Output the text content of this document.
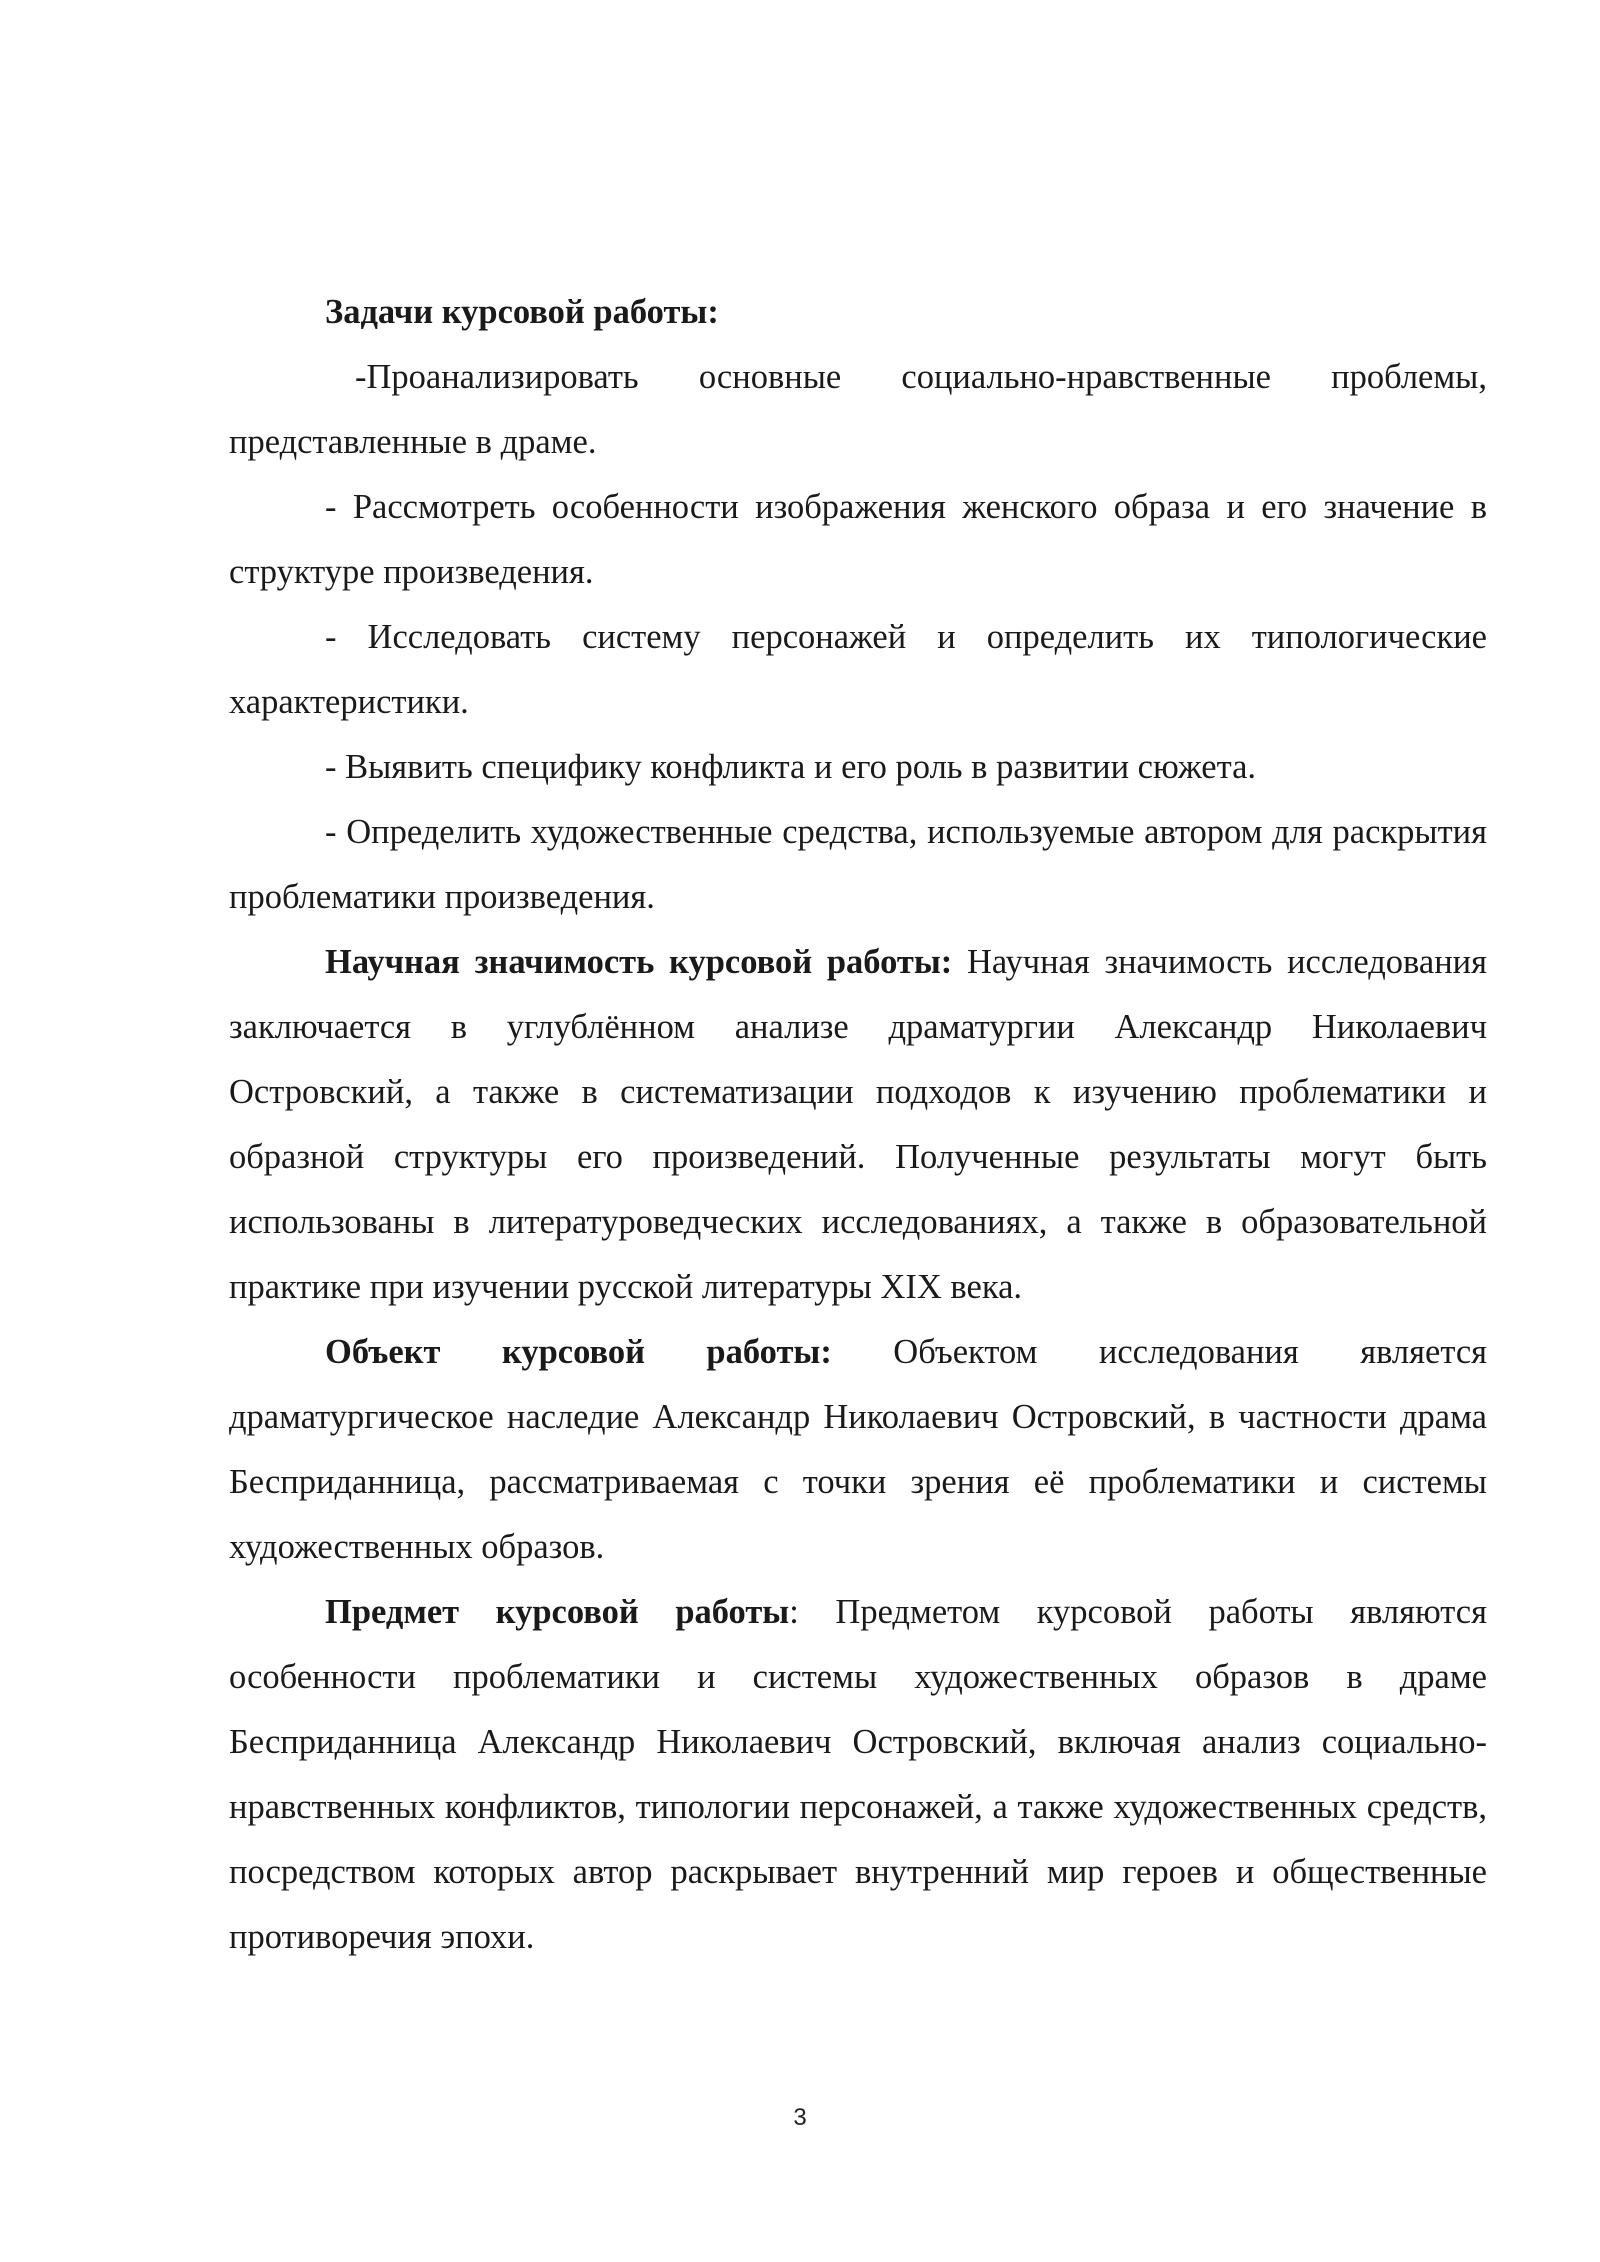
Задачи курсовой работы:

-Проанализировать основные социально-нравственные проблемы, представленные в драме.

- Рассмотреть особенности изображения женского образа и его значение в структуре произведения.

- Исследовать систему персонажей и определить их типологические характеристики.

- Выявить специфику конфликта и его роль в развитии сюжета.

- Определить художественные средства, используемые автором для раскрытия проблематики произведения.

Научная значимость курсовой работы: Научная значимость исследования заключается в углублённом анализе драматургии Александр Николаевич Островский, а также в систематизации подходов к изучению проблематики и образной структуры его произведений. Полученные результаты могут быть использованы в литературоведческих исследованиях, а также в образовательной практике при изучении русской литературы XIX века.

Объект курсовой работы: Объектом исследования является драматургическое наследие Александр Николаевич Островский, в частности драма Бесприданница, рассматриваемая с точки зрения её проблематики и системы художественных образов.

Предмет курсовой работы: Предметом курсовой работы являются особенности проблематики и системы художественных образов в драме Бесприданница Александр Николаевич Островский, включая анализ социально-нравственных конфликтов, типологии персонажей, а также художественных средств, посредством которых автор раскрывает внутренний мир героев и общественные противоречия эпохи.

3
